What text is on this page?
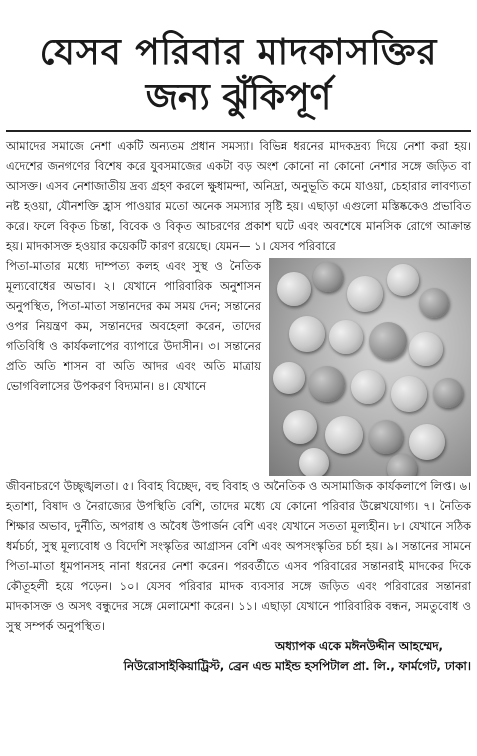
যেসব পরিবার মাদকাসক্তির
জন্য ঝুঁকিপূর্ণ

আমাদের সমাজে নেশা একটি অন্যতম প্রধান সমস্যা। বিভিন্ন ধরনের মাদকদ্রব্য দিয়ে নেশা করা হয়। এদেশের জনগণের বিশেষ করে যুবসমাজের একটা বড় অংশ কোনো না কোনো নেশার সঙ্গে জড়িত বা আসক্ত। এসব নেশাজাতীয় দ্রব্য গ্রহণ করলে ক্ষুধামন্দা, অনিদ্রা, অনুভূতি কমে যাওয়া, চেহারার লাবণ্যতা নষ্ট হওয়া, যৌনশক্তি হ্রাস পাওয়ার মতো অনেক সমস্যার সৃষ্টি হয়। এছাড়া এগুলো মস্তিষ্ককেও প্রভাবিত করে। ফলে বিকৃত চিন্তা, বিবেক ও বিকৃত আচরণের প্রকাশ ঘটে এবং অবশেষে মানসিক রোগে আক্রান্ত হয়। মাদকাসক্ত হওয়ার কয়েকটি কারণ রয়েছে। যেমন— ১। যেসব পরিবারে

পিতা-মাতার মধ্যে দাম্পত্য কলহ এবং সুস্থ ও নৈতিক মূল্যবোধের অভাব। ২। যেখানে পারিবারিক অনুশাসন অনুপস্থিত, পিতা-মাতা সন্তানদের কম সময় দেন; সন্তানের ওপর নিয়ন্ত্রণ কম, সন্তানদের অবহেলা করেন, তাদের গতিবিধি ও কার্যকলাপের ব্যাপারে উদাসীন। ৩। সন্তানের প্রতি অতি শাসন বা অতি আদর এবং অতি মাত্রায় ভোগবিলাসের উপকরণ বিদ্যমান। ৪। যেখানে

জীবনাচরণে উচ্ছৃঙ্খলতা। ৫। বিবাহ বিচ্ছেদ, বহু বিবাহ ও অনৈতিক ও অসামাজিক কার্যকলাপে লিপ্ত। ৬। হতাশা, বিষাদ ও নৈরাজ্যের উপস্থিতি বেশি, তাদের মধ্যে যে কোনো পরিবার উল্লেখযোগ্য। ৭। নৈতিক শিক্ষার অভাব, দুর্নীতি, অপরাধ ও অবৈধ উপার্জন বেশি এবং যেখানে সততা মূল্যহীন। ৮। যেখানে সঠিক ধর্মচর্চা, সুস্থ মূল্যবোধ ও বিদেশি সংস্কৃতির আগ্রাসন বেশি এবং অপসংস্কৃতির চর্চা হয়। ৯। সন্তানের সামনে পিতা-মাতা ধূমপানসহ নানা ধরনের নেশা করেন। পরবর্তীতে এসব পরিবারের সন্তানরাই মাদকের দিকে কৌতূহলী হয়ে পড়েন। ১০। যেসব পরিবার মাদক ব্যবসার সঙ্গে জড়িত এবং পরিবারের সন্তানরা মাদকাসক্ত ও অসৎ বন্ধুদের সঙ্গে মেলামেশা করেন। ১১। এছাড়া যেখানে পারিবারিক বন্ধন, সমতুবোধ ও সুস্থ সম্পর্ক অনুপস্থিত।

অধ্যাপক একে মঈনউদ্দীন আহম্মেদ,

নিউরোসাইকিয়াট্রিস্ট, ব্রেন এন্ড মাইন্ড হসপিটাল প্রা. লি., ফার্মগেট, ঢাকা।
